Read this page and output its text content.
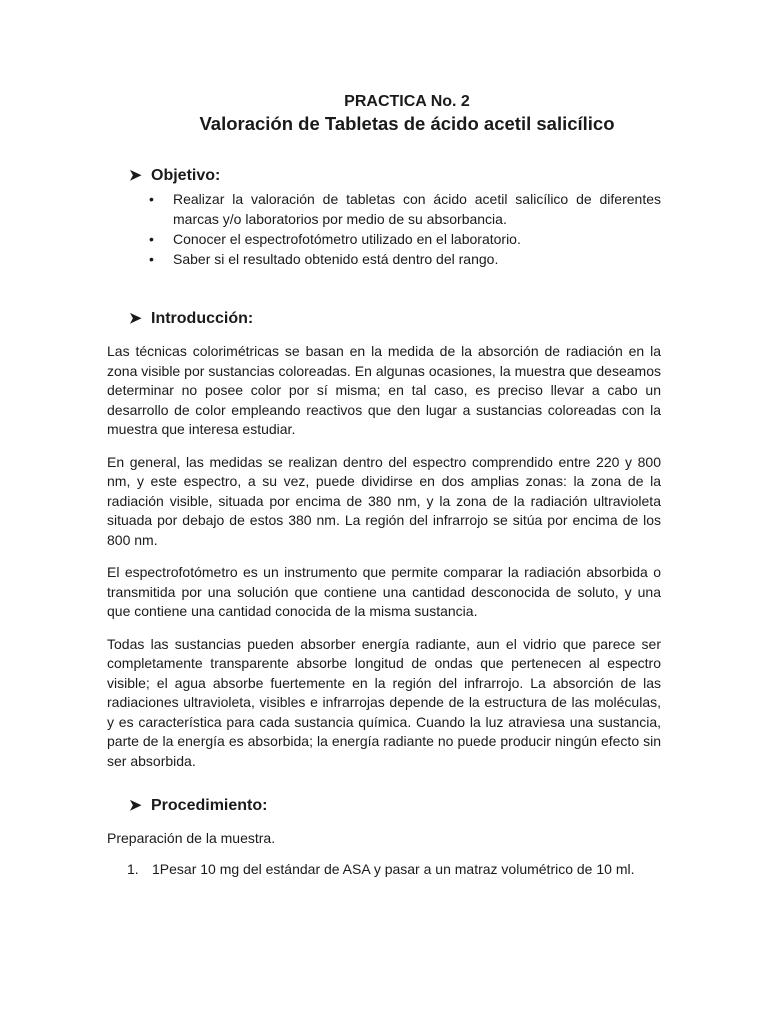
PRACTICA No. 2
Valoración de Tabletas de ácido acetil salicílico
➤ Objetivo:
• Realizar la valoración de tabletas con ácido acetil salicílico de diferentes marcas y/o laboratorios por medio de su absorbancia.
• Conocer el espectrofotómetro utilizado en el laboratorio.
• Saber si el resultado obtenido está dentro del rango.
➤ Introducción:

Las técnicas colorimétricas se basan en la medida de la absorción de radiación en la zona visible por sustancias coloreadas. En algunas ocasiones, la muestra que deseamos determinar no posee color por sí misma; en tal caso, es preciso llevar a cabo un desarrollo de color empleando reactivos que den lugar a sustancias coloreadas con la muestra que interesa estudiar.

En general, las medidas se realizan dentro del espectro comprendido entre 220 y 800 nm, y este espectro, a su vez, puede dividirse en dos amplias zonas: la zona de la radiación visible, situada por encima de 380 nm, y la zona de la radiación ultravioleta situada por debajo de estos 380 nm. La región del infrarrojo se sitúa por encima de los 800 nm.

El espectrofotómetro es un instrumento que permite comparar la radiación absorbida o transmitida por una solución que contiene una cantidad desconocida de soluto, y una que contiene una cantidad conocida de la misma sustancia.

Todas las sustancias pueden absorber energía radiante, aun el vidrio que parece ser completamente transparente absorbe longitud de ondas que pertenecen al espectro visible; el agua absorbe fuertemente en la región del infrarrojo. La absorción de las radiaciones ultravioleta, visibles e infrarrojas depende de la estructura de las moléculas, y es característica para cada sustancia química. Cuando la luz atraviesa una sustancia, parte de la energía es absorbida; la energía radiante no puede producir ningún efecto sin ser absorbida.

➤ Procedimiento:
Preparación de la muestra.
1. 1Pesar 10 mg del estándar de ASA y pasar a un matraz volumétrico de 10 ml.
